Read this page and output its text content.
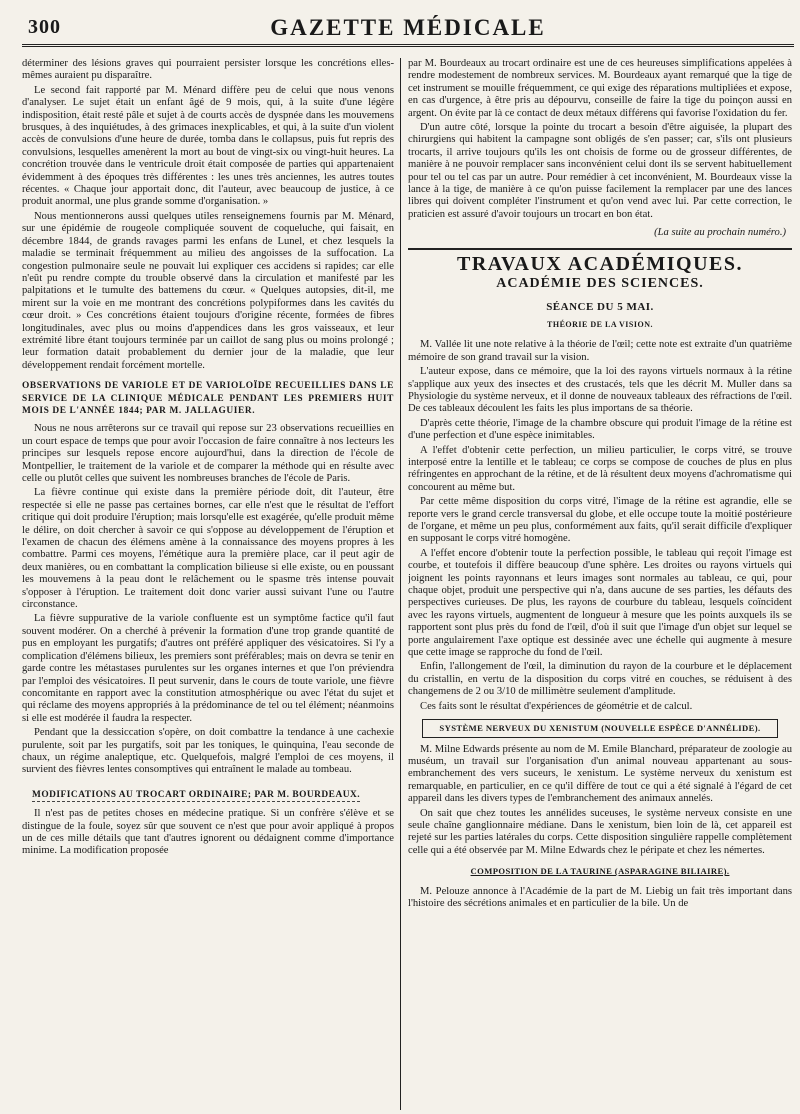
300	GAZETTE MÉDICALE

déterminer des lésions graves qui pourraient persister lorsque les concrétions elles-mêmes auraient pu disparaître.

Le second fait rapporté par M. Ménard diffère peu de celui que nous venons d'analyser. Le sujet était un enfant âgé de 9 mois, qui, à la suite d'une légère indisposition, était resté pâle et sujet à de courts accès de dyspnée dans les mouvemens brusques, à des inquiétudes, à des grimaces inexplicables, et qui, à la suite d'un violent accès de convulsions d'une heure de durée, tomba dans le collapsus, puis fut repris des convulsions, lesquelles amenèrent la mort au bout de vingt-six ou vingt-huit heures. La concrétion trouvée dans le ventricule droit était composée de parties qui appartenaient évidemment à des époques très différentes : les unes très anciennes, les autres toutes récentes. « Chaque jour apportait donc, dit l'auteur, avec beaucoup de justice, à ce produit anormal, une plus grande somme d'organisation. »

Nous mentionnerons aussi quelques utiles renseignemens fournis par M. Ménard, sur une épidémie de rougeole compliquée souvent de coqueluche, qui faisait, en décembre 1844, de grands ravages parmi les enfans de Lunel, et chez lesquels la maladie se terminait fréquemment au milieu des angoisses de la suffocation. La congestion pulmonaire seule ne pouvait lui expliquer ces accidens si rapides; car elle n'eût pu rendre compte du trouble observé dans la circulation et manifesté par les palpitations et le tumulte des battemens du cœur. « Quelques autopsies, dit-il, me mirent sur la voie en me montrant des concrétions polypiformes dans les cavités du cœur droit. » Ces concrétions étaient toujours d'origine récente, formées de fibres longitudinales, avec plus ou moins d'appendices dans les gros vaisseaux, et leur extrémité libre étant toujours terminée par un caillot de sang plus ou moins prolongé ; leur formation datait probablement du dernier jour de la maladie, que leur développement rendait forcément mortelle.

OBSERVATIONS DE VARIOLE ET DE VARIOLOÏDE RECUEILLIES DANS LE SERVICE DE LA CLINIQUE MÉDICALE PENDANT LES PREMIERS HUIT MOIS DE L'ANNÉE 1844; PAR M. JALLAGUIER.

Nous ne nous arrêterons sur ce travail qui repose sur 23 observations recueillies en un court espace de temps que pour avoir l'occasion de faire connaître à nos lecteurs les principes sur lesquels repose encore aujourd'hui, dans la direction de l'école de Montpellier, le traitement de la variole et de comparer la méthode qui en résulte avec celle ou plutôt celles que suivent les nombreuses branches de l'école de Paris.

La fièvre continue qui existe dans la première période doit, dit l'auteur, être respectée si elle ne passe pas certaines bornes, car elle n'est que le résultat de l'effort critique qui doit produire l'éruption; mais lorsqu'elle est exagérée, qu'elle produit même le délire, on doit chercher à savoir ce qui s'oppose au développement de l'éruption et l'examen de chacun des élémens amène à la connaissance des moyens propres à les combattre. Parmi ces moyens, l'émétique aura la première place, car il peut agir de deux manières, ou en combattant la complication bilieuse si elle existe, ou en poussant les mouvemens à la peau dont le relâchement ou le spasme très intense pouvait s'opposer à l'éruption. Le traitement doit donc varier aussi suivant l'une ou l'autre circonstance.

La fièvre suppurative de la variole confluente est un symptôme factice qu'il faut souvent modérer. On a cherché à prévenir la formation d'une trop grande quantité de pus en employant les purgatifs; d'autres ont préféré appliquer des vésicatoires. Si l'y a complication d'élémens bilieux, les premiers sont préférables; mais on devra se tenir en garde contre les métastases purulentes sur les organes internes et que l'on préviendra par l'emploi des vésicatoires. Il peut survenir, dans le cours de toute variole, une fièvre concomitante en rapport avec la constitution atmosphérique ou avec l'état du sujet et qui réclame des moyens appropriés à la prédominance de tel ou tel élément; néanmoins si elle est modérée il faudra la respecter.

Pendant que la dessiccation s'opère, on doit combattre la tendance à une cachexie purulente, soit par les purgatifs, soit par les toniques, le quinquina, l'eau seconde de chaux, un régime analeptique, etc. Quelquefois, malgré l'emploi de ces moyens, il survient des fièvres lentes consomptives qui entraînent le malade au tombeau.

MODIFICATIONS AU TROCART ORDINAIRE; PAR M. BOURDEAUX.

Il n'est pas de petites choses en médecine pratique. Si un confrère s'élève et se distingue de la foule, soyez sûr que souvent ce n'est que pour avoir appliqué à propos un de ces mille détails que tant d'autres ignorent ou dédaignent comme d'importance minime. La modification proposée

par M. Bourdeaux au trocart ordinaire est une de ces heureuses simplifications appelées à rendre modestement de nombreux services. M. Bourdeaux ayant remarqué que la tige de cet instrument se mouille fréquemment, ce qui exige des réparations multipliées et expose, en cas d'urgence, à être pris au dépourvu, conseille de faire la tige du poinçon aussi en argent. On évite par là ce contact de deux métaux différens qui favorise l'oxidation du fer.

D'un autre côté, lorsque la pointe du trocart a besoin d'être aiguisée, la plupart des chirurgiens qui habitent la campagne sont obligés de s'en passer; car, s'ils ont plusieurs trocarts, il arrive toujours qu'ils les ont choisis de forme ou de grosseur différentes, de manière à ne pouvoir remplacer sans inconvénient celui dont ils se servent habituellement pour tel ou tel cas par un autre. Pour remédier à cet inconvénient, M. Bourdeaux visse la lance à la tige, de manière à ce qu'on puisse facilement la remplacer par une des lances libres qui doivent compléter l'instrument et qu'on vend avec lui. Par cette correction, le praticien est assuré d'avoir toujours un trocart en bon état.

(La suite au prochain numéro.)
TRAVAUX ACADÉMIQUES.
ACADÉMIE DES SCIENCES.
SÉANCE DU 5 MAI.
THÉORIE DE LA VISION.

M. Vallée lit une note relative à la théorie de l'œil; cette note est extraite d'un quatrième mémoire de son grand travail sur la vision.

L'auteur expose, dans ce mémoire, que la loi des rayons virtuels normaux à la rétine s'applique aux yeux des insectes et des crustacés, tels que les décrit M. Muller dans sa Physiologie du système nerveux, et il donne de nouveaux tableaux des réfractions de l'œil. De ces tableaux découlent les faits les plus importans de sa théorie.

D'après cette théorie, l'image de la chambre obscure qui produit l'image de la rétine est d'une perfection et d'une espèce inimitables.

A l'effet d'obtenir cette perfection, un milieu particulier, le corps vitré, se trouve interposé entre la lentille et le tableau; ce corps se compose de couches de plus en plus réfringentes en approchant de la rétine, et de là résultent deux moyens d'achromatisme qui concourent au même but.

Par cette même disposition du corps vitré, l'image de la rétine est agrandie, elle se reporte vers le grand cercle transversal du globe, et elle occupe toute la moitié postérieure de l'organe, et même un peu plus, conformément aux faits, qu'il serait difficile d'expliquer en supposant le corps vitré homogène.

A l'effet encore d'obtenir toute la perfection possible, le tableau qui reçoit l'image est courbe, et toutefois il diffère beaucoup d'une sphère. Les droites ou rayons virtuels qui joignent les points rayonnans et leurs images sont normales au tableau, ce qui, pour chaque objet, produit une perspective qui n'a, dans aucune de ses parties, les défauts des perspectives curieuses. De plus, les rayons de courbure du tableau, lesquels coïncident avec les rayons virtuels, augmentent de longueur à mesure que les points auxquels ils se rapportent sont plus près du fond de l'œil, d'où il suit que l'image d'un objet sur lequel se porte angulairement l'axe optique est dessinée avec une échelle qui augmente à mesure que cette image se rapproche du fond de l'œil.

Enfin, l'allongement de l'œil, la diminution du rayon de la courbure et le déplacement du cristallin, en vertu de la disposition du corps vitré en couches, se réduisent à des changemens de 2 ou 3/10 de millimètre seulement d'amplitude.

Ces faits sont le résultat d'expériences de géométrie et de calcul.

SYSTÈME NERVEUX DU XENISTUM (NOUVELLE ESPÈCE D'ANNÉLIDE).

M. Milne Edwards présente au nom de M. Emile Blanchard, préparateur de zoologie au muséum, un travail sur l'organisation d'un animal nouveau appartenant au sous-embranchement des vers suceurs, le xenistum. Le système nerveux du xenistum est remarquable, en particulier, en ce qu'il diffère de tout ce qui a été signalé à l'égard de cet appareil dans les divers types de l'embranchement des animaux annelés.

On sait que chez toutes les annélides suceuses, le système nerveux consiste en une seule chaîne ganglionnaire médiane. Dans le xenistum, bien loin de là, cet appareil est rejeté sur les parties latérales du corps. Cette disposition singulière rappelle complètement celle qui a été observée par M. Milne Edwards chez le péripate et chez les némertes.

COMPOSITION DE LA TAURINE (ASPARAGINE BILIAIRE).

M. Pelouze annonce à l'Académie de la part de M. Liebig un fait très important dans l'histoire des sécrétions animales et en particulier de la bile. Un de
